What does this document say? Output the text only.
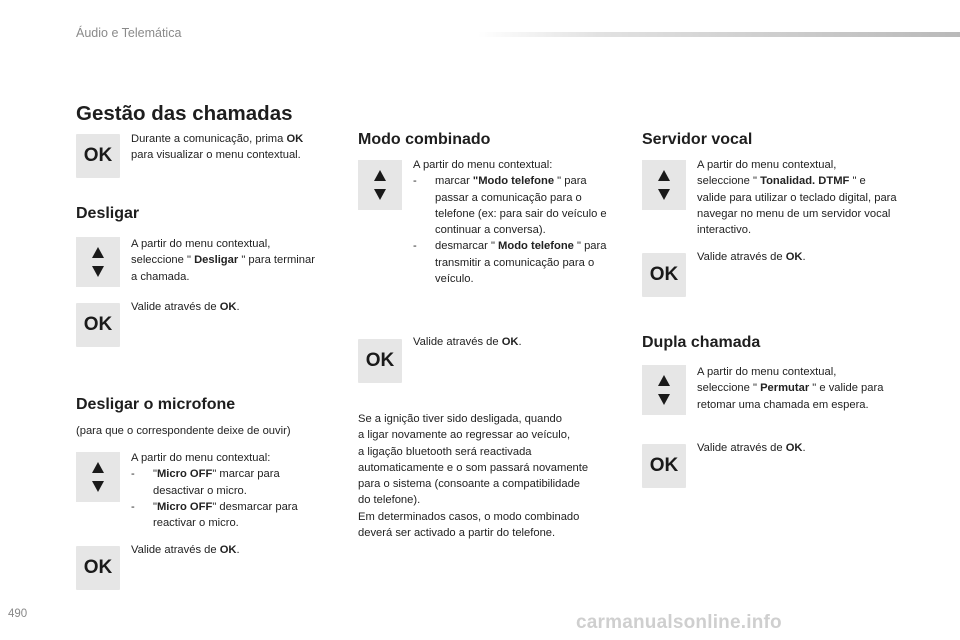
Áudio e Telemática
Gestão das chamadas
OK
Durante a comunicação, prima OK
para visualizar o menu contextual.
Desligar
A partir do menu contextual,
seleccione " Desligar " para terminar
a chamada.
OK
Valide através de OK.
Desligar o microfone
(para que o correspondente deixe de ouvir)
A partir do menu contextual:
- "Micro OFF" marcar para desactivar o micro.
- "Micro OFF" desmarcar para reactivar o micro.
OK
Valide através de OK.
Modo combinado
A partir do menu contextual:
- marcar "Modo telefone " para passar a comunicação para o telefone (ex: para sair do veículo e continuar a conversa).
- desmarcar " Modo telefone " para transmitir a comunicação para o veículo.
OK
Valide através de OK.
Se a ignição tiver sido desligada, quando
a ligar novamente ao regressar ao veículo,
a ligação bluetooth será reactivada
automaticamente e o som passará novamente
para o sistema (consoante a compatibilidade
do telefone).
Em determinados casos, o modo combinado
deverá ser activado a partir do telefone.
Servidor vocal
A partir do menu contextual,
seleccione " Tonalidad. DTMF " e valide para utilizar o teclado digital, para navegar no menu de um servidor vocal interactivo.
OK
Valide através de OK.
Dupla chamada
A partir do menu contextual,
seleccione " Permutar " e valide para retomar uma chamada em espera.
OK
Valide através de OK.
490	carmanualsonline.info
